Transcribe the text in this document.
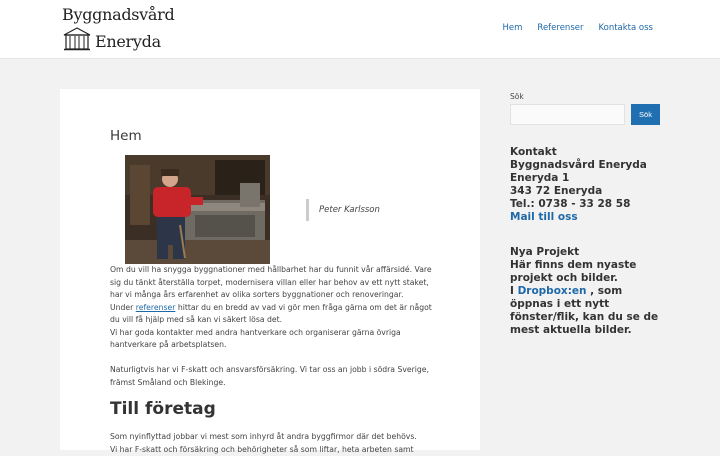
Byggnadsvård
Eneryda
Hem Referenser Kontakta oss
Hem
Peter Karlsson

Om du vill ha snygga byggnationer med hållbarhet har du funnit vår affärsidé. Vare sig du tänkt återställa torpet, modernisera villan eller har behov av ett nytt staket, har vi många års erfarenhet av olika sorters byggnationer och renoveringar.

Under referenser hittar du en bredd av vad vi gör men fråga gärna om det är något du vill få hjälp med så kan vi säkert lösa det.

Vi har goda kontakter med andra hantverkare och organiserar gärna övriga hantverkare på arbetsplatsen.

Naturligtvis har vi F-skatt och ansvarsförsäkring. Vi tar oss an jobb i södra Sverige, främst Småland och Blekinge.

Till företag

Som nyinflyttad jobbar vi mest som inhyrd åt andra byggfirmor där det behövs.

Vi har F-skatt och försäkring och behörigheter så som liftar, heta arbeten samt

Sök
Sök
Kontakt
Byggnadsvård Eneryda
Eneryda 1
343 72 Eneryda
Tel.: 0738 - 33 28 58
Mail till oss
Nya Projekt
Här finns dem nyaste projekt och bilder.
I Dropbox:en , som öppnas i ett nytt fönster/flik, kan du se de mest aktuella bilder.
